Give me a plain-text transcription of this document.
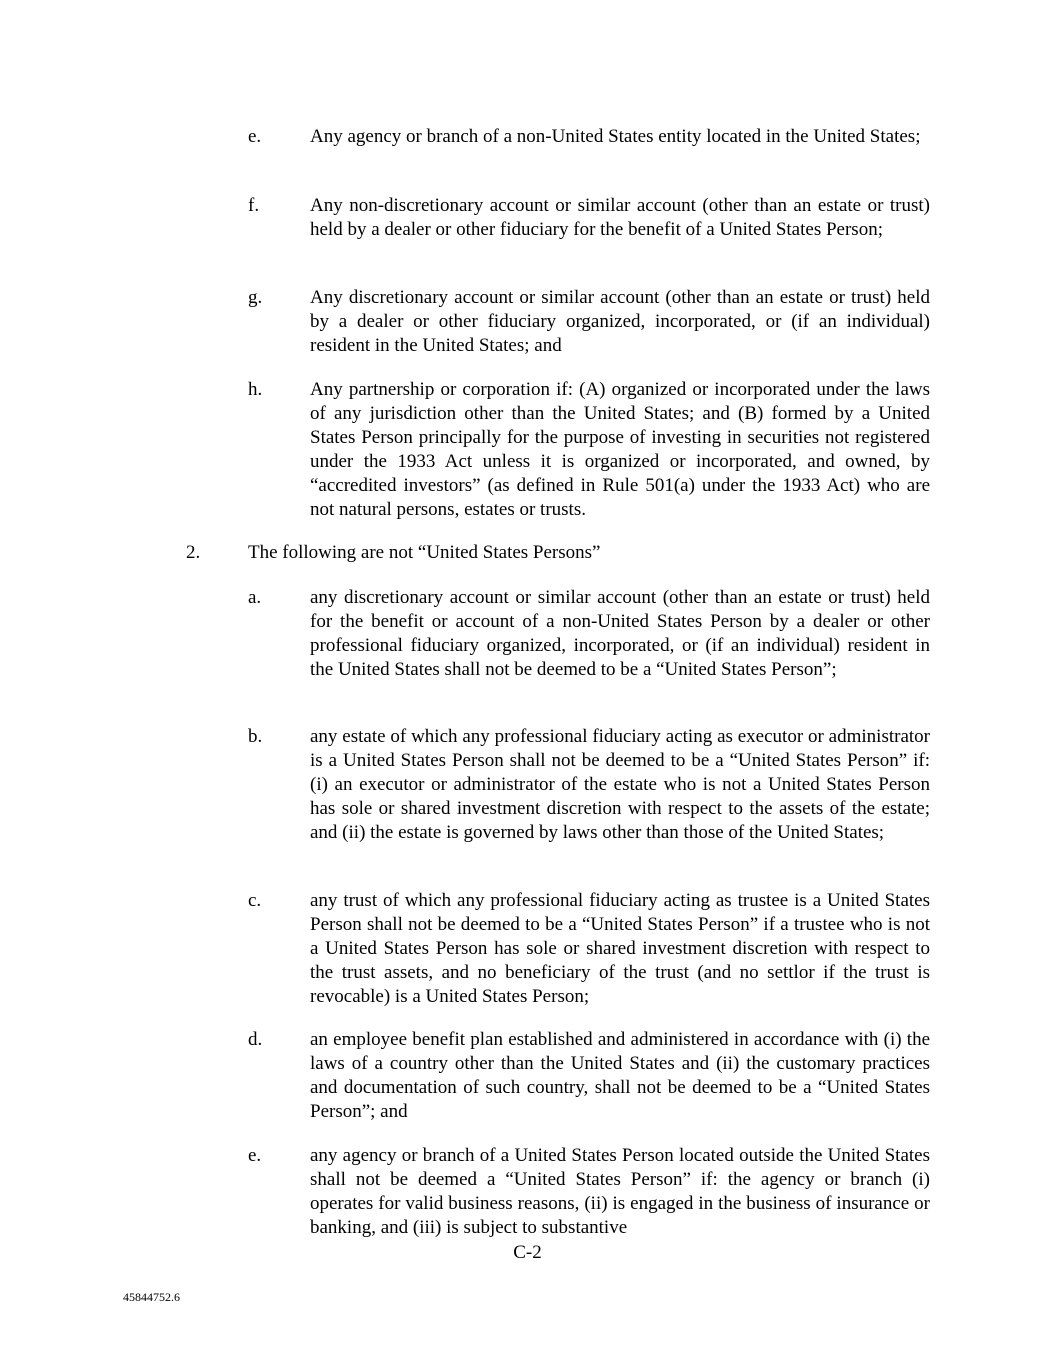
e.	Any agency or branch of a non-United States entity located in the United States;
f.	Any non-discretionary account or similar account (other than an estate or trust) held by a dealer or other fiduciary for the benefit of a United States Person;
g.	Any discretionary account or similar account (other than an estate or trust) held by a dealer or other fiduciary organized, incorporated, or (if an individual) resident in the United States; and
h.	Any partnership or corporation if: (A) organized or incorporated under the laws of any jurisdiction other than the United States; and (B) formed by a United States Person principally for the purpose of investing in securities not registered under the 1933 Act unless it is organized or incorporated, and owned, by “accredited investors” (as defined in Rule 501(a) under the 1933 Act) who are not natural persons, estates or trusts.
2.	The following are not “United States Persons”
a.	any discretionary account or similar account (other than an estate or trust) held for the benefit or account of a non-United States Person by a dealer or other professional fiduciary organized, incorporated, or (if an individual) resident in the United States shall not be deemed to be a “United States Person”;
b.	any estate of which any professional fiduciary acting as executor or administrator is a United States Person shall not be deemed to be a “United States Person” if: (i) an executor or administrator of the estate who is not a United States Person has sole or shared investment discretion with respect to the assets of the estate; and (ii) the estate is governed by laws other than those of the United States;
c.	any trust of which any professional fiduciary acting as trustee is a United States Person shall not be deemed to be a “United States Person” if a trustee who is not a United States Person has sole or shared investment discretion with respect to the trust assets, and no beneficiary of the trust (and no settlor if the trust is revocable) is a United States Person;
d.	an employee benefit plan established and administered in accordance with (i) the laws of a country other than the United States and (ii) the customary practices and documentation of such country, shall not be deemed to be a “United States Person”; and
e.	any agency or branch of a United States Person located outside the United States shall not be deemed a “United States Person” if: the agency or branch (i) operates for valid business reasons, (ii) is engaged in the business of insurance or banking, and (iii) is subject to substantive
C-2
45844752.6
